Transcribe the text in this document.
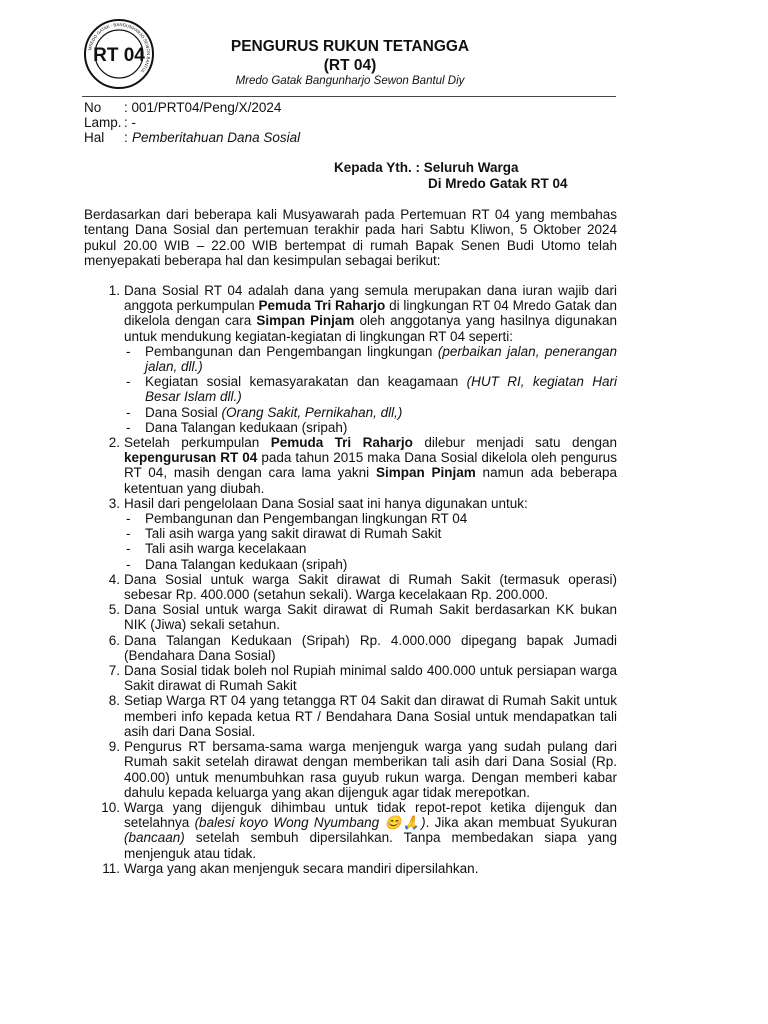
MREDO GATAK · BANGUNHARJO SEWON BANTUL
RT 04	PENGURUS RUKUN TETANGGA
(RT 04)
Mredo Gatak Bangunharjo Sewon Bantul Diy
No	: 001/PRT04/Peng/X/2024
Lamp. : -
Hal	: Pemberitahuan Dana Sosial
Kepada Yth. : Seluruh Warga
Di Mredo Gatak RT 04
Berdasarkan dari beberapa kali Musyawarah pada Pertemuan RT 04 yang membahas tentang Dana Sosial dan pertemuan terakhir pada hari Sabtu Kliwon, 5 Oktober 2024 pukul 20.00 WIB – 22.00 WIB bertempat di rumah Bapak Senen Budi Utomo telah menyepakati beberapa hal dan kesimpulan sebagai berikut:
1. Dana Sosial RT 04 adalah dana yang semula merupakan dana iuran wajib dari anggota perkumpulan Pemuda Tri Raharjo di lingkungan RT 04 Mredo Gatak dan dikelola dengan cara Simpan Pinjam oleh anggotanya yang hasilnya digunakan untuk mendukung kegiatan-kegiatan di lingkungan RT 04 seperti:
-	Pembangunan dan Pengembangan lingkungan (perbaikan jalan, penerangan jalan, dll.)
-	Kegiatan sosial kemasyarakatan dan keagamaan (HUT RI, kegiatan Hari Besar Islam dll.)
-	Dana Sosial (Orang Sakit, Pernikahan, dll,)
-	Dana Talangan kedukaan (sripah)
2. Setelah perkumpulan Pemuda Tri Raharjo dilebur menjadi satu dengan kepengurusan RT 04 pada tahun 2015 maka Dana Sosial dikelola oleh pengurus RT 04, masih dengan cara lama yakni Simpan Pinjam namun ada beberapa ketentuan yang diubah.
3. Hasil dari pengelolaan Dana Sosial saat ini hanya digunakan untuk:
-	Pembangunan dan Pengembangan lingkungan RT 04
-	Tali asih warga yang sakit dirawat di Rumah Sakit
-	Tali asih warga kecelakaan
-	Dana Talangan kedukaan (sripah)
4. Dana Sosial untuk warga Sakit dirawat di Rumah Sakit (termasuk operasi) sebesar Rp. 400.000 (setahun sekali). Warga kecelakaan Rp. 200.000.
5. Dana Sosial untuk warga Sakit dirawat di Rumah Sakit berdasarkan KK bukan NIK (Jiwa) sekali setahun.
6. Dana Talangan Kedukaan (Sripah) Rp. 4.000.000 dipegang bapak Jumadi (Bendahara Dana Sosial)
7. Dana Sosial tidak boleh nol Rupiah minimal saldo 400.000 untuk persiapan warga Sakit dirawat di Rumah Sakit
8. Setiap Warga RT 04 yang tetangga RT 04 Sakit dan dirawat di Rumah Sakit untuk memberi info kepada ketua RT / Bendahara Dana Sosial untuk mendapatkan tali asih dari Dana Sosial.
9. Pengurus RT bersama-sama warga menjenguk warga yang sudah pulang dari Rumah sakit setelah dirawat dengan memberikan tali asih dari Dana Sosial (Rp. 400.00) untuk menumbuhkan rasa guyub rukun warga. Dengan memberi kabar dahulu kepada keluarga yang akan dijenguk agar tidak merepotkan.
10. Warga yang dijenguk dihimbau untuk tidak repot-repot ketika dijenguk dan setelahnya (balesi koyo Wong Nyumbang 😊🙏). Jika akan membuat Syukuran (bancaan) setelah sembuh dipersilahkan. Tanpa membedakan siapa yang menjenguk atau tidak.
11. Warga yang akan menjenguk secara mandiri dipersilahkan.
